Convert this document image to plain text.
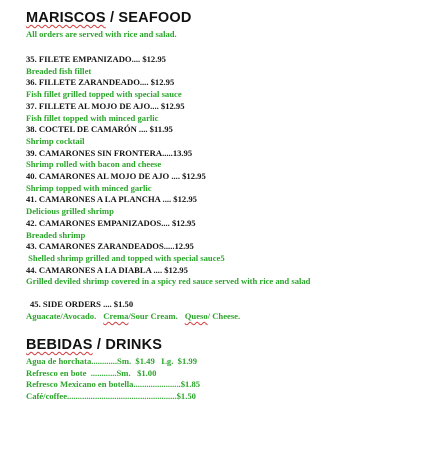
MARISCOS / SEAFOOD

All orders are served with rice and salad.

35. FILETE EMPANIZADO.... $12.95
Breaded fish fillet
36. FILLETE ZARANDEADO.... $12.95
Fish fillet grilled topped with special sauce
37. FILLETE AL MOJO DE AJO.... $12.95
Fish fillet topped with minced garlic
38. COCTEL DE CAMARÓN .... $11.95
Shrimp cocktail
39. CAMARONES SIN FRONTERA.....13.95
Shrimp rolled with bacon and cheese
40. CAMARONES AL MOJO DE AJO .... $12.95
Shrimp topped with minced garlic
41. CAMARONES A LA PLANCHA .... $12.95
Delicious grilled shrimp
42. CAMARONES EMPANIZADOS.... $12.95
Breaded shrimp
43. CAMARONES ZARANDEADOS.....12.95
Shelled shrimp grilled and topped with special sauce5
44. CAMARONES A LA DIABLA .... $12.95
Grilled deviled shrimp covered in a spicy red sauce served with rice and salad
45. SIDE ORDERS .... $1.50
Aguacate/Avocado. Crema/Sour Cream. Queso/ Cheese.
BEBIDAS / DRINKS
Agua de horchata............Sm.  $1.49   Lg.  $1.99
Refresco en bote  ............Sm.   $1.00
Refresco Mexicano en botella......................$1.85
Café/coffee...................................................$1.50
